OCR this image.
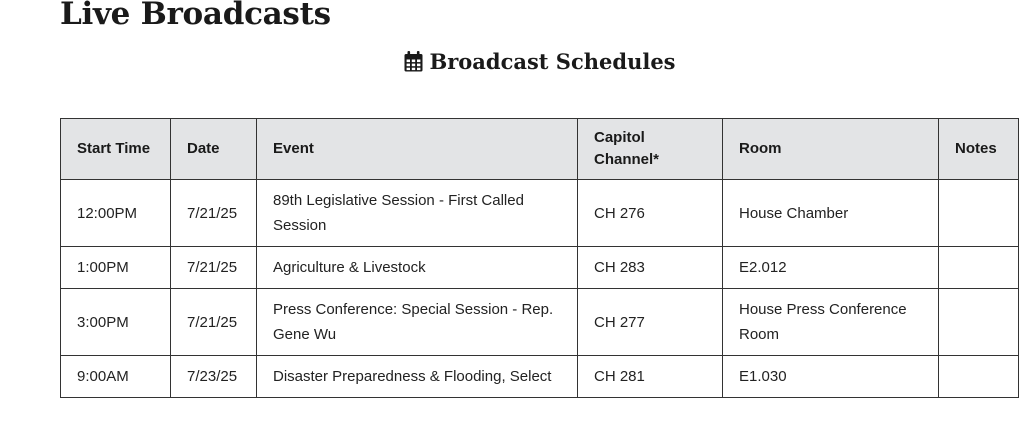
Live Broadcasts
Broadcast Schedules
Start Time	Date	Event	Capitol Channel*	Room	Notes
12:00PM	7/21/25	89th Legislative Session - First Called Session	CH 276	House Chamber	
1:00PM	7/21/25	Agriculture & Livestock	CH 283	E2.012	
3:00PM	7/21/25	Press Conference: Special Session - Rep. Gene Wu	CH 277	House Press Conference Room	
9:00AM	7/23/25	Disaster Preparedness & Flooding, Select	CH 281	E1.030	
